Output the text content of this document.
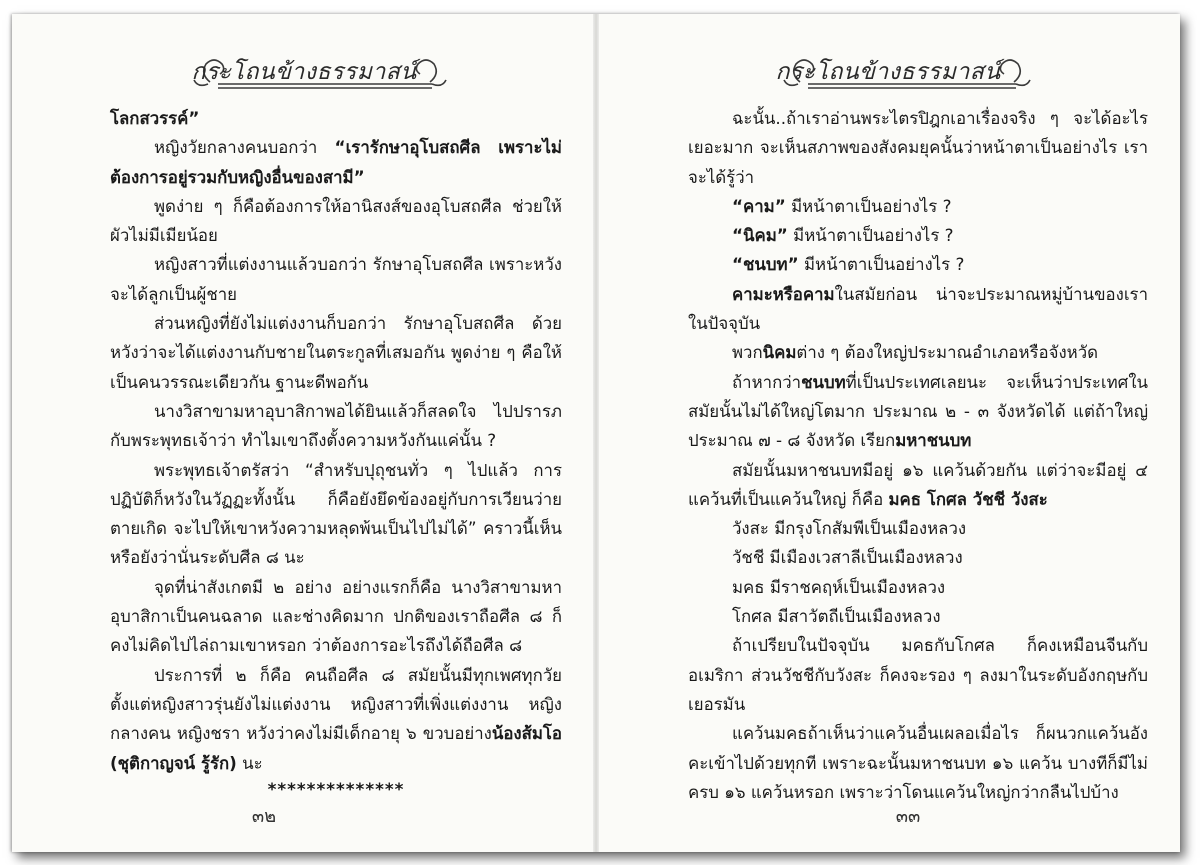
กระโถนข้างธรรมาสน์

โลกสวรรค์”

หญิงวัยกลางคนบอกว่า “เรารักษาอุโบสถศีล เพราะไม่ต้องการอยู่รวมกับหญิงอื่นของสามี”

พูดง่าย ๆ ก็คือต้องการให้อานิสงส์ของอุโบสถศีล ช่วยให้ผัวไม่มีเมียน้อย

หญิงสาวที่แต่งงานแล้วบอกว่า รักษาอุโบสถศีล เพราะหวังจะได้ลูกเป็นผู้ชาย

ส่วนหญิงที่ยังไม่แต่งงานก็บอกว่า รักษาอุโบสถศีล ด้วยหวังว่าจะได้แต่งงานกับชายในตระกูลที่เสมอกัน พูดง่าย ๆ คือให้เป็นคนวรรณะเดียวกัน ฐานะดีพอกัน

นางวิสาขามหาอุบาสิกาพอได้ยินแล้วก็สลดใจ ไปปรารภกับพระพุทธเจ้าว่า ทำไมเขาถึงตั้งความหวังกันแค่นั้น ?

พระพุทธเจ้าตรัสว่า “สำหรับปุถุชนทั่ว ๆ ไปแล้ว การปฏิบัติก็หวังในวัฏฏะทั้งนั้น ก็คือยังยึดข้องอยู่กับการเวียนว่ายตายเกิด จะไปให้เขาหวังความหลุดพ้นเป็นไปไม่ได้” คราวนี้เห็นหรือยังว่านั่นระดับศีล ๘ นะ

จุดที่น่าสังเกตมี ๒ อย่าง อย่างแรกก็คือ นางวิสาขามหาอุบาสิกาเป็นคนฉลาด และช่างคิดมาก ปกติของเราถือศีล ๘ ก็คงไม่คิดไปไล่ถามเขาหรอก ว่าต้องการอะไรถึงได้ถือศีล ๘

ประการที่ ๒ ก็คือ คนถือศีล ๘ สมัยนั้นมีทุกเพศทุกวัย ตั้งแต่หญิงสาวรุ่นยังไม่แต่งงาน หญิงสาวที่เพิ่งแต่งงาน หญิงกลางคน หญิงชรา หวังว่าคงไม่มีเด็กอายุ ๖ ขวบอย่างน้องส้มโอ (ชุติกาญจน์ รู้รัก) นะ

**************
๓๒
กระโถนข้างธรรมาสน์

ฉะนั้น..ถ้าเราอ่านพระไตรปิฎกเอาเรื่องจริง ๆ จะได้อะไรเยอะมาก จะเห็นสภาพของสังคมยุคนั้นว่าหน้าตาเป็นอย่างไร เราจะได้รู้ว่า

“คาม” มีหน้าตาเป็นอย่างไร ?

“นิคม” มีหน้าตาเป็นอย่างไร ?

“ชนบท” มีหน้าตาเป็นอย่างไร ?

คามะหรือคามในสมัยก่อน น่าจะประมาณหมู่บ้านของเราในปัจจุบัน

พวกนิคมต่าง ๆ ต้องใหญ่ประมาณอำเภอหรือจังหวัด

ถ้าหากว่าชนบทที่เป็นประเทศเลยนะ จะเห็นว่าประเทศในสมัยนั้นไม่ได้ใหญ่โตมาก ประมาณ ๒ - ๓ จังหวัดได้ แต่ถ้าใหญ่ประมาณ ๗ - ๘ จังหวัด เรียกมหาชนบท

สมัยนั้นมหาชนบทมีอยู่ ๑๖ แคว้นด้วยกัน แต่ว่าจะมีอยู่ ๔ แคว้นที่เป็นแคว้นใหญ่ ก็คือ มคธ โกศล วัชชี วังสะ

วังสะ มีกรุงโกสัมพีเป็นเมืองหลวง

วัชชี มีเมืองเวสาลีเป็นเมืองหลวง

มคธ มีราชคฤห์เป็นเมืองหลวง

โกศล มีสาวัตถีเป็นเมืองหลวง

ถ้าเปรียบในปัจจุบัน มคธกับโกศล ก็คงเหมือนจีนกับอเมริกา ส่วนวัชชีกับวังสะ ก็คงจะรอง ๆ ลงมาในระดับอังกฤษกับเยอรมัน

แคว้นมคธถ้าเห็นว่าแคว้นอื่นเผลอเมื่อไร ก็ผนวกแคว้นอังคะเข้าไปด้วยทุกที เพราะฉะนั้นมหาชนบท ๑๖ แคว้น บางทีก็มีไม่ครบ ๑๖ แคว้นหรอก เพราะว่าโดนแคว้นใหญ่กว่ากลืนไปบ้าง

๓๓
